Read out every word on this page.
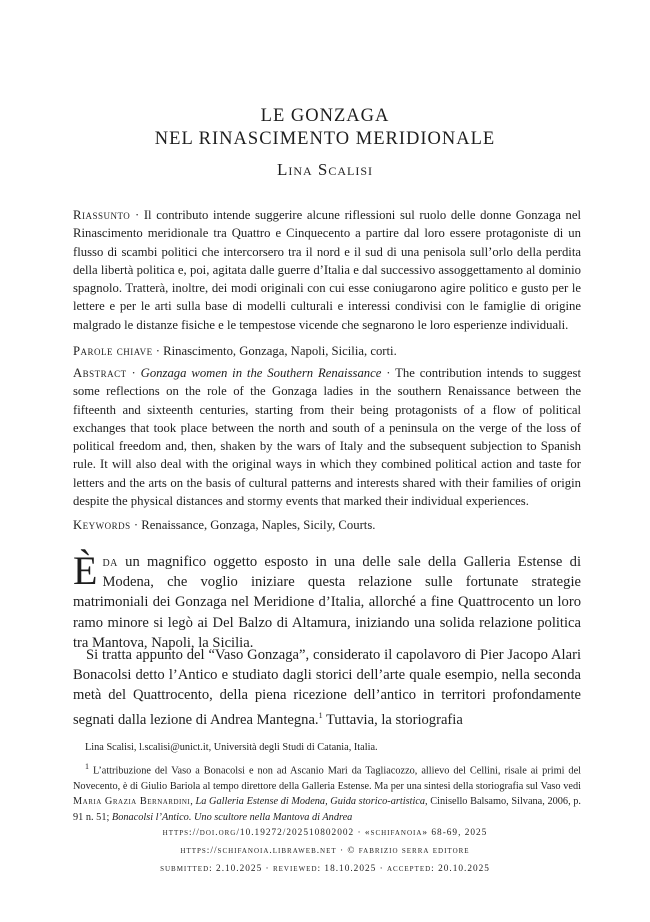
LE GONZAGA
NEL RINASCIMENTO MERIDIONALE
Lina Scalisi
Riassunto · Il contributo intende suggerire alcune riflessioni sul ruolo delle donne Gonzaga nel Rinascimento meridionale tra Quattro e Cinquecento a partire dal loro essere protagoniste di un flusso di scambi politici che intercorsero tra il nord e il sud di una penisola sull’orlo della perdita della libertà politica e, poi, agitata dalle guerre d’Italia e dal successivo assoggettamento al dominio spagnolo. Tratterà, inoltre, dei modi originali con cui esse coniugarono agire politico e gusto per le lettere e per le arti sulla base di modelli culturali e interessi condivisi con le famiglie di origine malgrado le distanze fisiche e le tempestose vicende che segnarono le loro esperienze individuali.
Parole chiave · Rinascimento, Gonzaga, Napoli, Sicilia, corti.
Abstract · Gonzaga women in the Southern Renaissance · The contribution intends to suggest some reflections on the role of the Gonzaga ladies in the southern Renaissance between the fifteenth and sixteenth centuries, starting from their being protagonists of a flow of political exchanges that took place between the north and south of a peninsula on the verge of the loss of political freedom and, then, shaken by the wars of Italy and the subsequent subjection to Spanish rule. It will also deal with the original ways in which they combined political action and taste for letters and the arts on the basis of cultural patterns and interests shared with their families of origin despite the physical distances and stormy events that marked their individual experiences.
Keywords · Renaissance, Gonzaga, Naples, Sicily, Courts.
Èda un magnifico oggetto esposto in una delle sale della Galleria Estense di Modena, che voglio iniziare questa relazione sulle fortunate strategie matrimoniali dei Gonzaga nel Meridione d’Italia, allorché a fine Quattrocento un loro ramo minore si legò ai Del Balzo di Altamura, iniziando una solida relazione politica tra Mantova, Napoli, la Sicilia.
Si tratta appunto del “Vaso Gonzaga”, considerato il capolavoro di Pier Jacopo Alari Bonacolsi detto l’Antico e studiato dagli storici dell’arte quale esempio, nella seconda metà del Quattrocento, della piena ricezione dell’antico in territori profondamente segnati dalla lezione di Andrea Mantegna.$^1$ Tuttavia, la storiografia
Lina Scalisi, l.scalisi@unict.it, Università degli Studi di Catania, Italia.
$^1$ L’attribuzione del Vaso a Bonacolsi e non ad Ascanio Mari da Tagliacozzo, allievo del Cellini, risale ai primi del Novecento, è di Giulio Bariola al tempo direttore della Galleria Estense. Ma per una sintesi della storiografia sul Vaso vedi Maria Grazia Bernardini, La Galleria Estense di Modena, Guida storico-artistica, Cinisello Balsamo, Silvana, 2006, p. 91 n. 51; Bonacolsi l’Antico. Uno scultore nella Mantova di Andrea
https://doi.org/10.19272/202510802002 · «schifanoia» 68-69, 2025
https://schifanoia.libraweb.net · © fabrizio serra editore
submitted: 2.10.2025 · reviewed: 18.10.2025 · accepted: 20.10.2025
